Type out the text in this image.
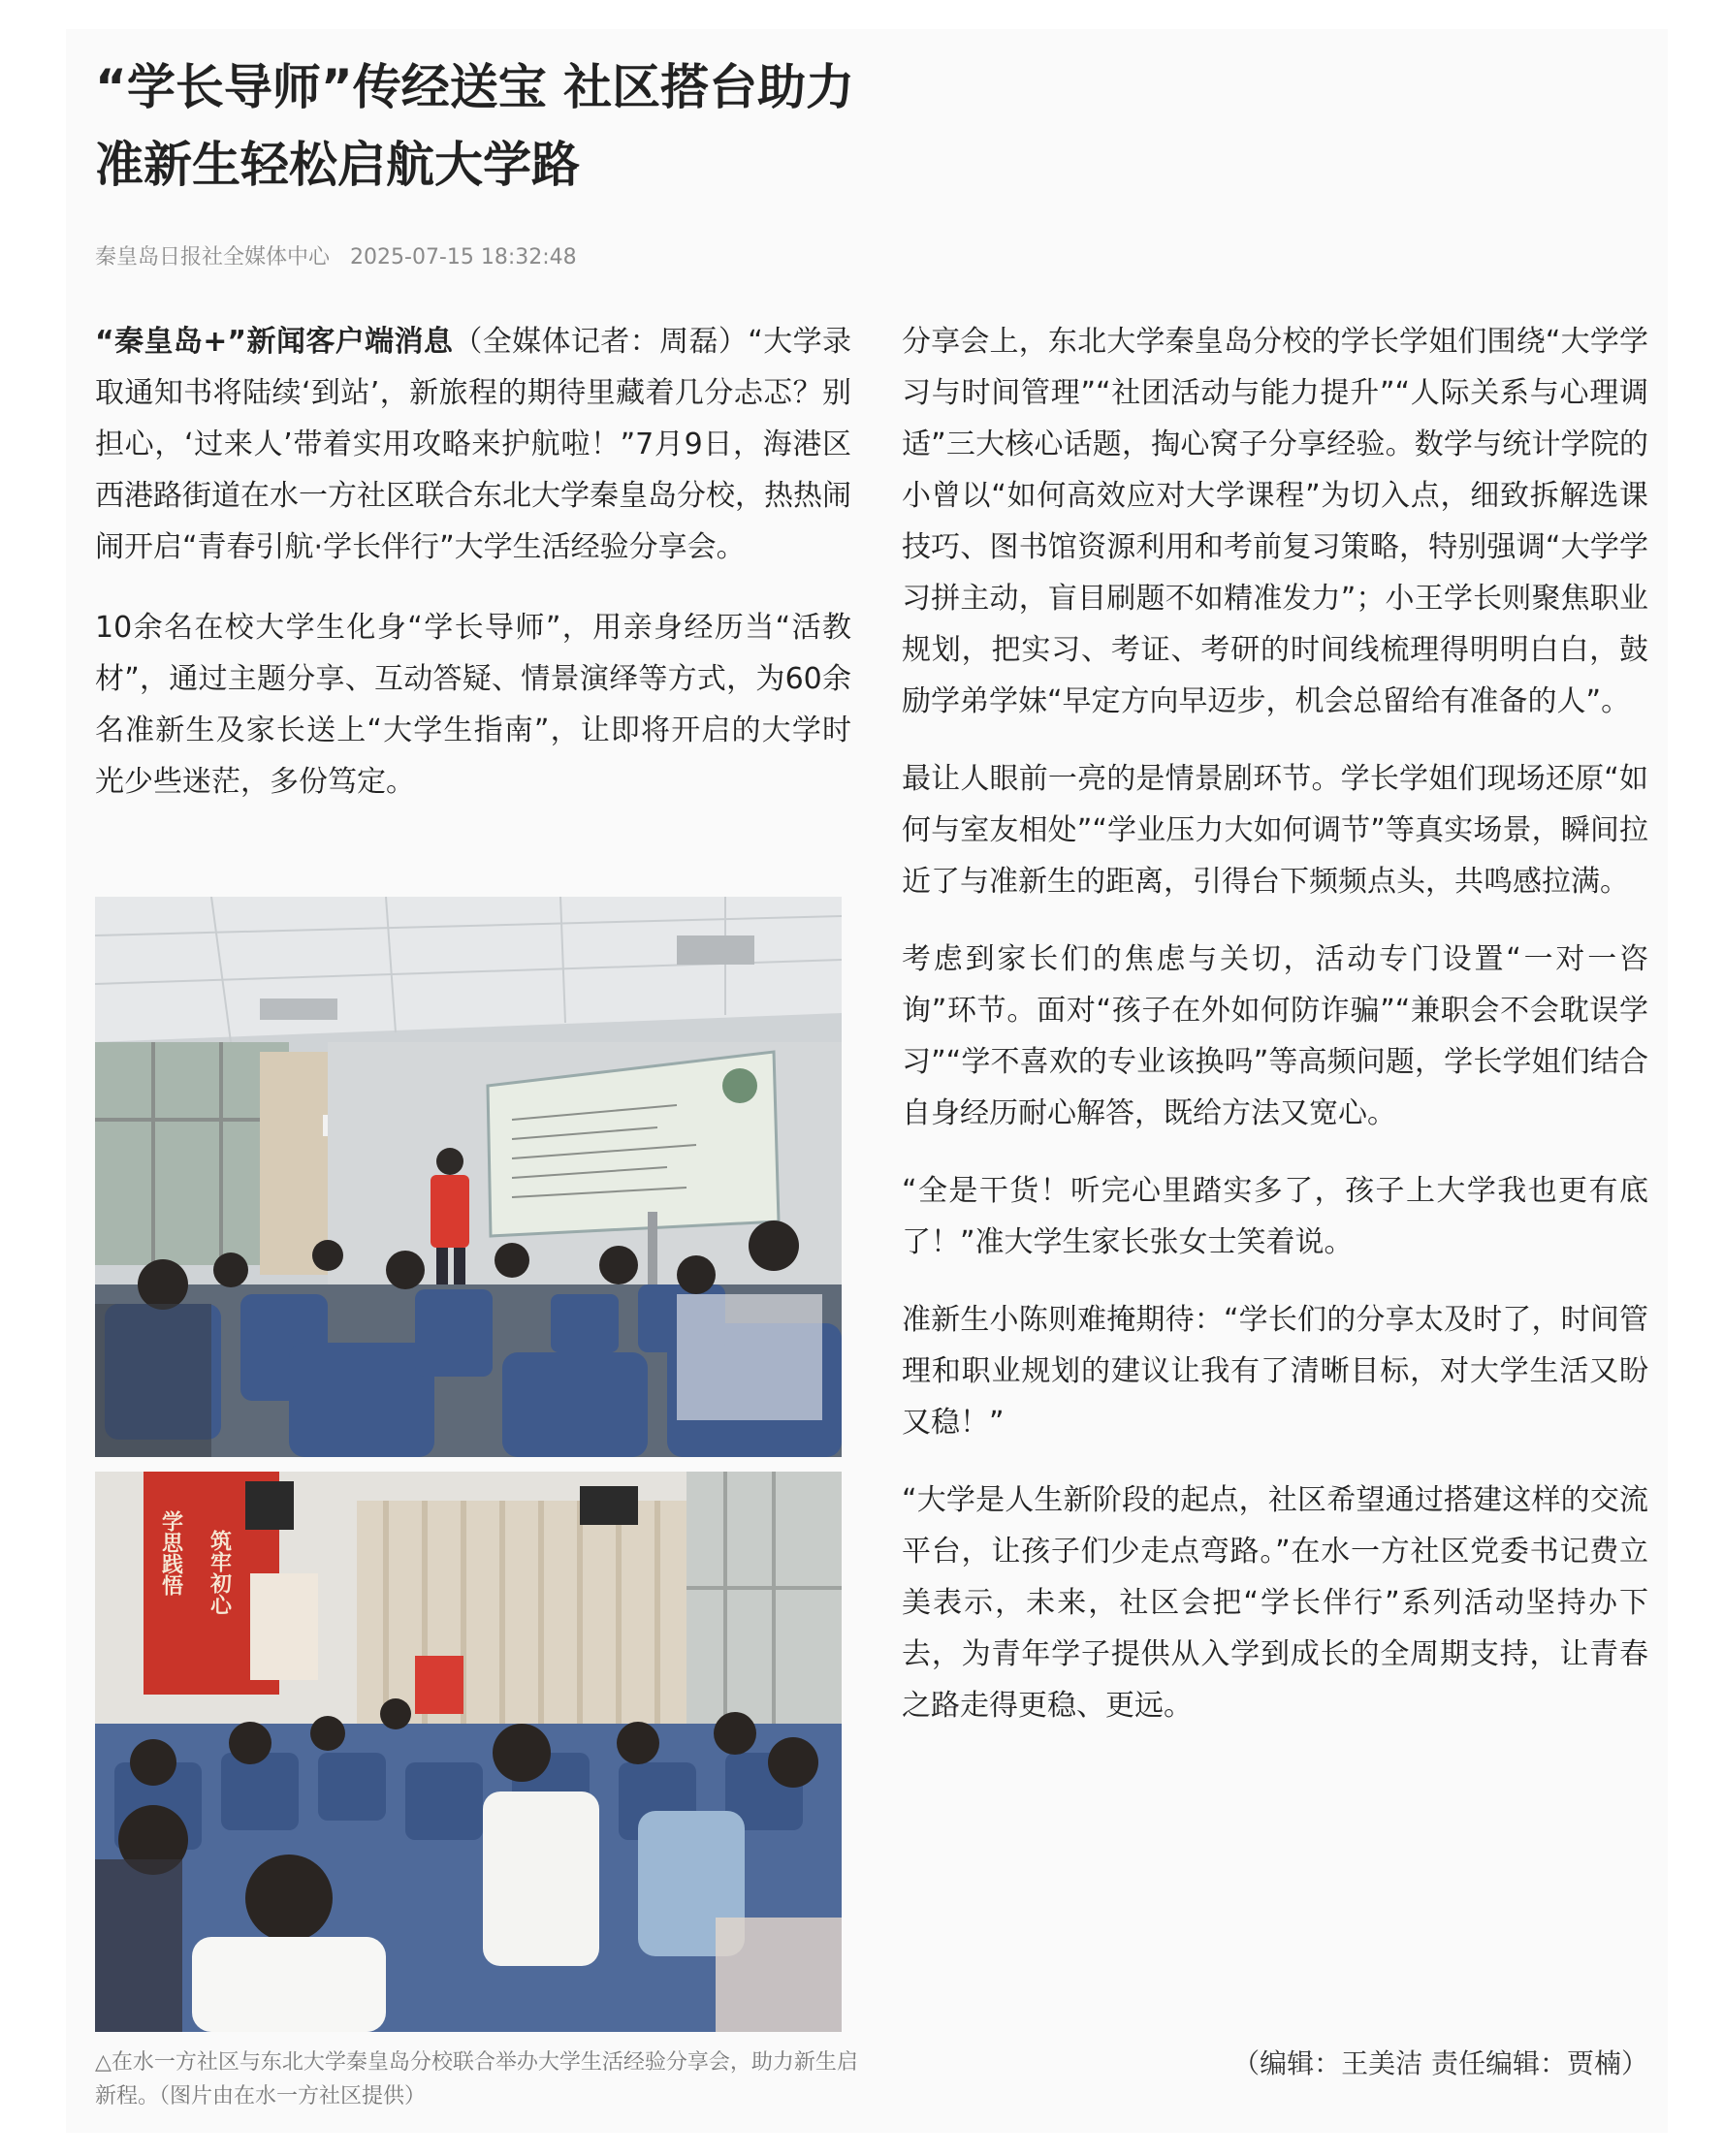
“学长导师”传经送宝 社区搭台助力准新生轻松启航大学路
秦皇岛日报社全媒体中心 2025-07-15 18:32:48

“秦皇岛+”新闻客户端消息（全媒体记者：周磊）“大学录取通知书将陆续‘到站’，新旅程的期待里藏着几分忐忑？别担心，‘过来人’带着实用攻略来护航啦！”7月9日，海港区西港路街道在水一方社区联合东北大学秦皇岛分校，热热闹闹开启“青春引航·学长伴行”大学生活经验分享会。

10余名在校大学生化身“学长导师”，用亲身经历当“活教材”，通过主题分享、互动答疑、情景演绎等方式，为60余名准新生及家长送上“大学生指南”，让即将开启的大学时光少些迷茫，多份笃定。

学思践悟 筑牢初心
△在水一方社区与东北大学秦皇岛分校联合举办大学生活经验分享会，助力新生启新程。（图片由在水一方社区提供）

分享会上，东北大学秦皇岛分校的学长学姐们围绕“大学学习与时间管理”“社团活动与能力提升”“人际关系与心理调适”三大核心话题，掏心窝子分享经验。数学与统计学院的小曾以“如何高效应对大学课程”为切入点，细致拆解选课技巧、图书馆资源利用和考前复习策略，特别强调“大学学习拼主动，盲目刷题不如精准发力”；小王学长则聚焦职业规划，把实习、考证、考研的时间线梳理得明明白白，鼓励学弟学妹“早定方向早迈步，机会总留给有准备的人”。

最让人眼前一亮的是情景剧环节。学长学姐们现场还原“如何与室友相处”“学业压力大如何调节”等真实场景，瞬间拉近了与准新生的距离，引得台下频频点头，共鸣感拉满。

考虑到家长们的焦虑与关切，活动专门设置“一对一咨询”环节。面对“孩子在外如何防诈骗”“兼职会不会耽误学习”“学不喜欢的专业该换吗”等高频问题，学长学姐们结合自身经历耐心解答，既给方法又宽心。

“全是干货！听完心里踏实多了，孩子上大学我也更有底了！”准大学生家长张女士笑着说。

准新生小陈则难掩期待：“学长们的分享太及时了，时间管理和职业规划的建议让我有了清晰目标，对大学生活又盼又稳！”

“大学是人生新阶段的起点，社区希望通过搭建这样的交流平台，让孩子们少走点弯路。”在水一方社区党委书记费立美表示，未来，社区会把“学长伴行”系列活动坚持办下去，为青年学子提供从入学到成长的全周期支持，让青春之路走得更稳、更远。

（编辑：王美洁 责任编辑：贾楠）
